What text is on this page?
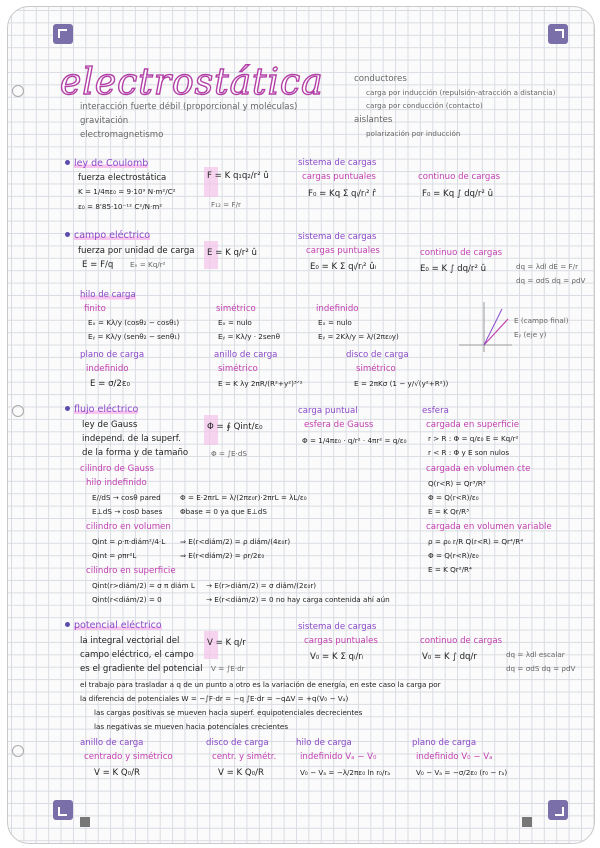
electrostática
interacción fuerte débil (proporcional y moléculas)
gravitación
electromagnetismo
conductores
carga por inducción (repulsión-atracción a distancia)
carga por conducción (contacto)
aislantes
polarización por inducción
ley de Coulomb
fuerza electrostática
K = 1/4πε₀ = 9·10⁹ N·m²/C²
ε₀ = 8'85·10⁻¹² C²/N·m²
F = K q₁q₂/r² û
F₁₂ = F/r
sistema de cargas
cargas puntuales
F₀ = Kq Σ qᵢ/rᵢ² r̂
continuo de cargas
F₀ = Kq ∫ dq/r² û
campo eléctrico
fuerza por unidad de carga
E = F/q Eₙ = Kq/r²
E = K q/r² û
sistema de cargas
cargas puntuales
E₀ = K Σ qᵢ/rᵢ² ûᵢ
continuo de cargas
E₀ = K ∫ dq/r² û	dq = λdl dE = F/r
dq = σdS dq = ρdV
hilo de carga
finito
Eₓ = Kλ/y (cosθ₂ − cosθ₁)
Eᵧ = Kλ/y (senθ₂ − senθ₁)
simétrico
Eₓ = nulo
Eᵧ = Kλ/y · 2senθ
indefinido
Eₓ = nulo
Eᵧ = 2Kλ/y = λ/(2πε₀y)
E (campo final)
Eᵧ (eje y)
plano de carga
indefinido
E = σ/2ε₀
anillo de carga
simétrico
E = K λy 2πR/(R²+y²)³ᐟ²
disco de carga
simétrico
E = 2πKσ (1 − y/√(y²+R²))
flujo eléctrico
ley de Gauss
independ. de la superf.
de la forma y de tamaño
Φ = ∮ Qint/ε₀
Φ = ∫E·dS
cilindro de Gauss
hilo indefinido
E//dS → cosθ pared
E⊥dS → cos0 bases
Φ = E·2πrL = λ/(2πε₀r)·2πrL = λL/ε₀
Φbase = 0 ya que E⊥dS
cilindro en volumen
Qint = ρ·π·diám²/4·L
Qint = ρπr²L
⇒ E(r<diám/2) = ρ diám/(4ε₀r)
⇒ E(r<diám/2) = ρr/2ε₀
cilindro en superficie
Qint(r>diám/2) = σ π diám L
Qint(r<diám/2) = 0
→ E(r>diám/2) = σ diám/(2ε₀r)
→ E(r<diám/2) = 0 no hay carga contenida ahí aún
carga puntual
esfera de Gauss
Φ = 1/4πε₀ · q/r² · 4πr² = q/ε₀
esfera
cargada en superficie
r > R : Φ = q/ε₀ E = Kq/r²
r < R : Φ y E son nulos
cargada en volumen cte
Q(r<R) = Qr³/R³
Φ = Q(r<R)/ε₀
E = K Qr/R³
cargada en volumen variable
ρ = ρ₀ r/R Q(r<R) = Qr⁴/R⁴
Φ = Q(r<R)/ε₀
E = K Qr²/R⁴
potencial eléctrico
la integral vectorial del
campo eléctrico, el campo
es el gradiente del potencial
V = K q/r
V = ∫E·dr
sistema de cargas
cargas puntuales
V₀ = K Σ qᵢ/rᵢ
continuo de cargas
V₀ = K ∫ dq/r	dq = λdl escalar
dq = σdS dq = ρdV
el trabajo para trasladar a q de un punto a otro es la variación de energía, en este caso la carga por
la diferencia de potenciales W = −∫F·dr = −q ∫E·dr = −qΔV = +q(V₀ − Vₐ)
las cargas positivas se mueven hacia superf. equipotenciales decrecientes
las negativas se mueven hacia potenciales crecientes
anillo de carga
centrado y simétrico
V = K Q₀/R
disco de carga
centr. y simétr.
V = K Q₀/R
hilo de carga
indefinido Vₐ − V₀
V₀ − Vₐ = −λ/2πε₀ ln r₀/rₐ
plano de carga
indefinido V₀ − Vₐ
V₀ − Vₐ = −σ/2ε₀ (r₀ − rₐ)
